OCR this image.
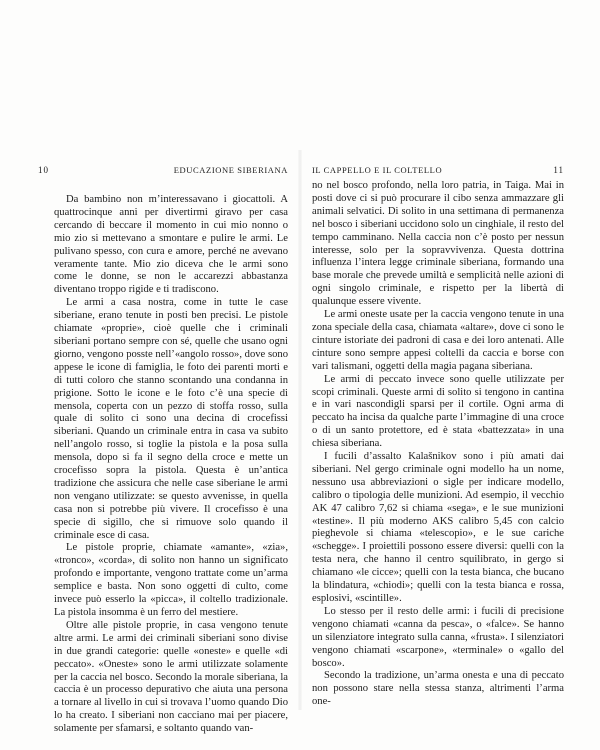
10	EDUCAZIONE SIBERIANA

Da bambino non m’interessavano i giocattoli. A quattrocinque anni per divertirmi giravo per casa cercando di beccare il momento in cui mio nonno o mio zio si mettevano a smontare e pulire le armi. Le pulivano spesso, con cura e amore, perché ne avevano veramente tante. Mio zio diceva che le armi sono come le donne, se non le accarezzi abbastanza diventano troppo rigide e ti tradiscono.

Le armi a casa nostra, come in tutte le case siberiane, erano tenute in posti ben precisi. Le pistole chiamate «proprie», cioè quelle che i criminali siberiani portano sempre con sé, quelle che usano ogni giorno, vengono posste nell’«angolo rosso», dove sono appese le icone di famiglia, le foto dei parenti morti e di tutti coloro che stanno scontando una condanna in prigione. Sotto le icone e le foto c’è una specie di mensola, coperta con un pezzo di stoffa rosso, sulla quale di solito ci sono una decina di crocefissi siberiani. Quando un criminale entra in casa va subito nell’angolo rosso, si toglie la pistola e la posa sulla mensola, dopo si fa il segno della croce e mette un crocefisso sopra la pistola. Questa è un’antica tradizione che assicura che nelle case siberiane le armi non vengano utilizzate: se questo avvenisse, in quella casa non si potrebbe più vivere. Il crocefisso è una specie di sigillo, che si rimuove solo quando il criminale esce di casa.

Le pistole proprie, chiamate «amante», «zia», «tronco», «corda», di solito non hanno un significato profondo e importante, vengono trattate come un’arma semplice e basta. Non sono oggetti di culto, come invece può esserlo la «picca», il coltello tradizionale. La pistola insomma è un ferro del mestiere.

Oltre alle pistole proprie, in casa vengono tenute altre armi. Le armi dei criminali siberiani sono divise in due grandi categorie: quelle «oneste» e quelle «di peccato». «Oneste» sono le armi utilizzate solamente per la caccia nel bosco. Secondo la morale siberiana, la caccia è un processo depurativo che aiuta una persona a tornare al livello in cui si trovava l’uomo quando Dio lo ha creato. I siberiani non cacciano mai per piacere, solamente per sfamarsi, e soltanto quando van-

IL CAPPELLO E IL COLTELLO	11

no nel bosco profondo, nella loro patria, in Taiga. Mai in posti dove ci si può procurare il cibo senza ammazzare gli animali selvatici. Di solito in una settimana di permanenza nel bosco i siberiani uccidono solo un cinghiale, il resto del tempo camminano. Nella caccia non c’è posto per nessun interesse, solo per la sopravvivenza. Questa dottrina influenza l’intera legge criminale siberiana, formando una base morale che prevede umiltà e semplicità nelle azioni di ogni singolo criminale, e rispetto per la libertà di qualunque essere vivente.

Le armi oneste usate per la caccia vengono tenute in una zona speciale della casa, chiamata «altare», dove ci sono le cinture istoriate dei padroni di casa e dei loro antenati. Alle cinture sono sempre appesi coltelli da caccia e borse con vari talismani, oggetti della magia pagana siberiana.

Le armi di peccato invece sono quelle utilizzate per scopi criminali. Queste armi di solito si tengono in cantina e in vari nascondigli sparsi per il cortile. Ogni arma di peccato ha incisa da qualche parte l’immagine di una croce o di un santo protettore, ed è stata «battezzata» in una chiesa siberiana.

I fucili d’assalto Kalašnikov sono i più amati dai siberiani. Nel gergo criminale ogni modello ha un nome, nessuno usa abbreviazioni o sigle per indicare modello, calibro o tipologia delle munizioni. Ad esempio, il vecchio AK 47 calibro 7,62 si chiama «sega», e le sue munizioni «testine». Il più moderno AKS calibro 5,45 con calcio pieghevole si chiama «telescopio», e le sue cariche «schegge». I proiettili possono essere diversi: quelli con la testa nera, che hanno il centro squilibrato, in gergo si chiamano «le cicce»; quelli con la testa bianca, che bucano la blindatura, «chiodi»; quelli con la testa bianca e rossa, esplosivi, «scintille».

Lo stesso per il resto delle armi: i fucili di precisione vengono chiamati «canna da pesca», o «falce». Se hanno un silenziatore integrato sulla canna, «frusta». I silenziatori vengono chiamati «scarpone», «terminale» o «gallo del bosco».

Secondo la tradizione, un’arma onesta e una di peccato non possono stare nella stessa stanza, altrimenti l’arma one-
